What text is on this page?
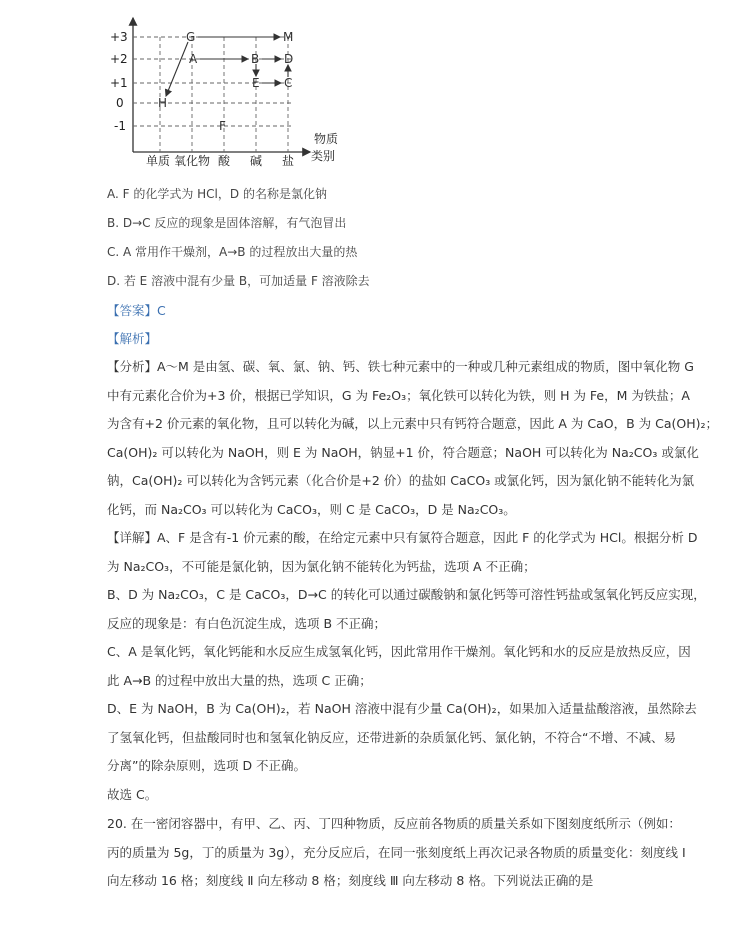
+3
+2
+1
0
-1
G	M
A	B D
E C
H
F
单质 氧化物 酸 碱 盐
物质
类别
A. F 的化学式为 HCl，D 的名称是氯化钠
B. D→C 反应的现象是固体溶解，有气泡冒出
C. A 常用作干燥剂，A→B 的过程放出大量的热
D. 若 E 溶液中混有少量 B，可加适量 F 溶液除去
【答案】C
【解析】
【分析】A～M 是由氢、碳、氧、氯、钠、钙、铁七种元素中的一种或几种元素组成的物质，图中氧化物 G
中有元素化合价为+3 价，根据已学知识，G 为 Fe₂O₃；氧化铁可以转化为铁，则 H 为 Fe，M 为铁盐；A
为含有+2 价元素的氧化物，且可以转化为碱，以上元素中只有钙符合题意，因此 A 为 CaO，B 为 Ca(OH)₂；
Ca(OH)₂ 可以转化为 NaOH，则 E 为 NaOH，钠显+1 价，符合题意；NaOH 可以转化为 Na₂CO₃ 或氯化
钠，Ca(OH)₂ 可以转化为含钙元素（化合价是+2 价）的盐如 CaCO₃ 或氯化钙，因为氯化钠不能转化为氯
化钙，而 Na₂CO₃ 可以转化为 CaCO₃，则 C 是 CaCO₃，D 是 Na₂CO₃。
【详解】A、F 是含有-1 价元素的酸，在给定元素中只有氯符合题意，因此 F 的化学式为 HCl。根据分析 D
为 Na₂CO₃，不可能是氯化钠，因为氯化钠不能转化为钙盐，选项 A 不正确；
B、D 为 Na₂CO₃，C 是 CaCO₃，D→C 的转化可以通过碳酸钠和氯化钙等可溶性钙盐或氢氧化钙反应实现，
反应的现象是：有白色沉淀生成，选项 B 不正确；
C、A 是氧化钙，氧化钙能和水反应生成氢氧化钙，因此常用作干燥剂。氧化钙和水的反应是放热反应，因
此 A→B 的过程中放出大量的热，选项 C 正确；
D、E 为 NaOH，B 为 Ca(OH)₂，若 NaOH 溶液中混有少量 Ca(OH)₂，如果加入适量盐酸溶液，虽然除去
了氢氧化钙，但盐酸同时也和氢氧化钠反应，还带进新的杂质氯化钙、氯化钠，不符合“不增、不减、易
分离”的除杂原则，选项 D 不正确。
故选 C。
20. 在一密闭容器中，有甲、乙、丙、丁四种物质，反应前各物质的质量关系如下图刻度纸所示（例如：
丙的质量为 5g，丁的质量为 3g），充分反应后，在同一张刻度纸上再次记录各物质的质量变化：刻度线 Ⅰ
向左移动 16 格；刻度线 Ⅱ 向左移动 8 格；刻度线 Ⅲ 向左移动 8 格。下列说法正确的是
